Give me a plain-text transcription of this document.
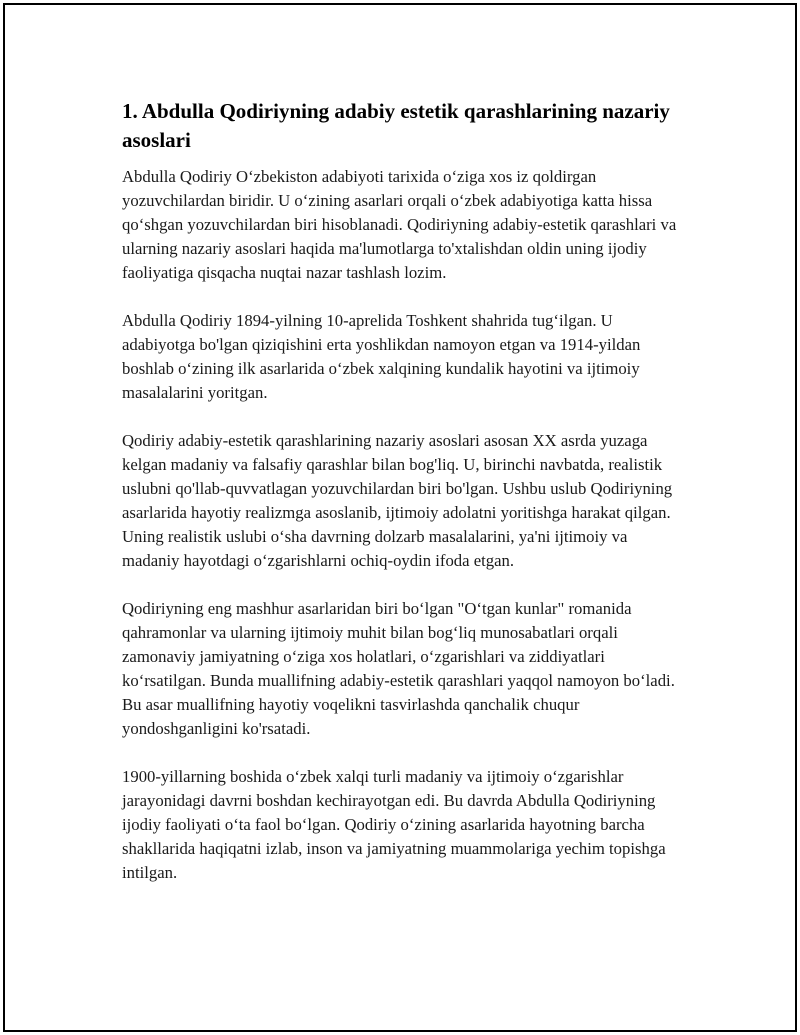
1. Abdulla Qodiriyning adabiy estetik qarashlarining nazariy asoslari

Abdulla Qodiriy O‘zbekiston adabiyoti tarixida o‘ziga xos iz qoldirgan yozuvchilardan biridir. U o‘zining asarlari orqali o‘zbek adabiyotiga katta hissa qo‘shgan yozuvchilardan biri hisoblanadi. Qodiriyning adabiy-estetik qarashlari va ularning nazariy asoslari haqida ma'lumotlarga to'xtalishdan oldin uning ijodiy faoliyatiga qisqacha nuqtai nazar tashlash lozim.

Abdulla Qodiriy 1894-yilning 10-aprelida Toshkent shahrida tug‘ilgan. U adabiyotga bo'lgan qiziqishini erta yoshlikdan namoyon etgan va 1914-yildan boshlab o‘zining ilk asarlarida o‘zbek xalqining kundalik hayotini va ijtimoiy masalalarini yoritgan.

Qodiriy adabiy-estetik qarashlarining nazariy asoslari asosan XX asrda yuzaga kelgan madaniy va falsafiy qarashlar bilan bog'liq. U, birinchi navbatda, realistik uslubni qo'llab-quvvatlagan yozuvchilardan biri bo'lgan. Ushbu uslub Qodiriyning asarlarida hayotiy realizmga asoslanib, ijtimoiy adolatni yoritishga harakat qilgan. Uning realistik uslubi o‘sha davrning dolzarb masalalarini, ya'ni ijtimoiy va madaniy hayotdagi o‘zgarishlarni ochiq-oydin ifoda etgan.

Qodiriyning eng mashhur asarlaridan biri bo‘lgan "O‘tgan kunlar" romanida qahramonlar va ularning ijtimoiy muhit bilan bog‘liq munosabatlari orqali zamonaviy jamiyatning o‘ziga xos holatlari, o‘zgarishlari va ziddiyatlari ko‘rsatilgan. Bunda muallifning adabiy-estetik qarashlari yaqqol namoyon bo‘ladi. Bu asar muallifning hayotiy voqelikni tasvirlashda qanchalik chuqur yondoshganligini ko'rsatadi.

1900-yillarning boshida o‘zbek xalqi turli madaniy va ijtimoiy o‘zgarishlar jarayonidagi davrni boshdan kechirayotgan edi. Bu davrda Abdulla Qodiriyning ijodiy faoliyati o‘ta faol bo‘lgan. Qodiriy o‘zining asarlarida hayotning barcha shakllarida haqiqatni izlab, inson va jamiyatning muammolariga yechim topishga intilgan.
